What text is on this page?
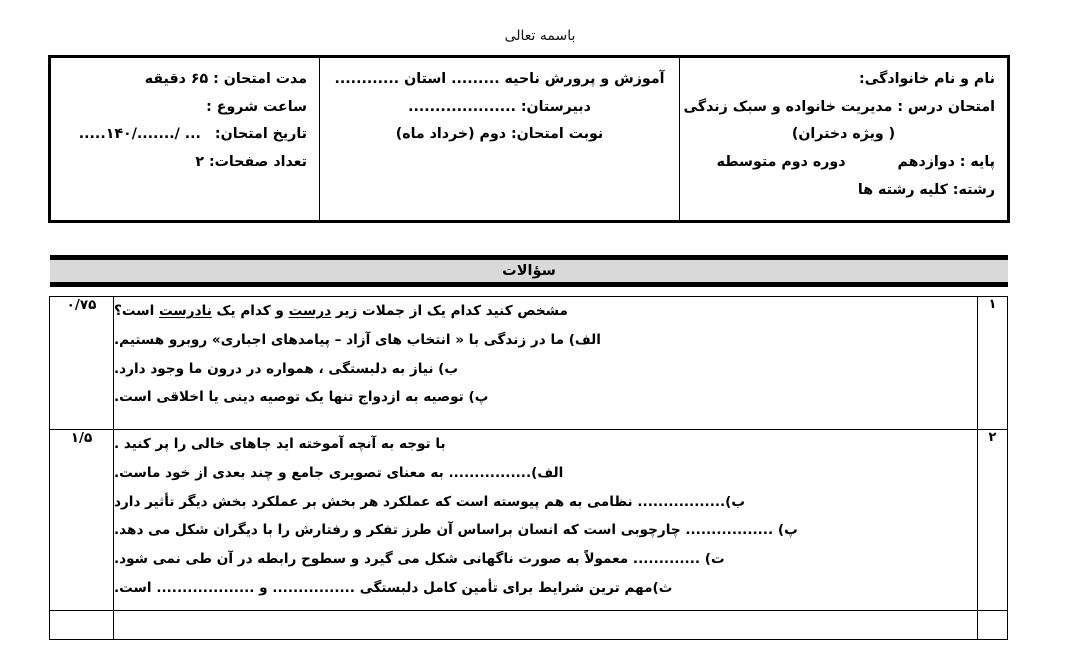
باسمه تعالی
نام و نام خانوادگی:
امتحان درس : مدیریت خانواده و سبک زندگی
( ویژه دختران)
پایه : دوازدهم
دوره دوم متوسطه
رشته: کلیه رشته ها
آموزش و پرورش ناحیه ......... استان ............
دبیرستان: ....................
نوبت امتحان: دوم (خرداد ماه)
مدت امتحان : ۶۵ دقیقه
ساعت شروع :
تاریخ امتحان:
... /......./۱۴۰.....
تعداد صفحات: ۲
سؤالات
۱	مشخص کنید کدام یک از جملات زیر درست و کدام یک نادرست است؟
الف) ما در زندگی با « انتخاب های آزاد – پیامدهای اجباری» روبرو هستیم.
ب) نیاز به دلبستگی ، همواره در درون ما وجود دارد.
پ) توصیه به ازدواج تنها یک توصیه دینی یا اخلاقی است.	۰/۷۵
۲	
با توجه به آنچه آموخته اید جاهای خالی را پر کنید .
الف)................ به معنای تصویری جامع و چند بعدی از خود ماست.
ب)................. نظامی به هم پیوسته است که عملکرد هر بخش بر عملکرد بخش دیگر تأثیر دارد
پ) ................. چارچوبی است که انسان براساس آن طرز تفکر و رفتارش را با دیگران شکل می دهد.
ت) ............. معمولاً به صورت ناگهانی شکل می گیرد و سطوح رابطه در آن طی نمی شود.
ث)مهم ترین شرایط برای تأمین کامل دلبستگی ................ و ................... است.
	۱/۵
